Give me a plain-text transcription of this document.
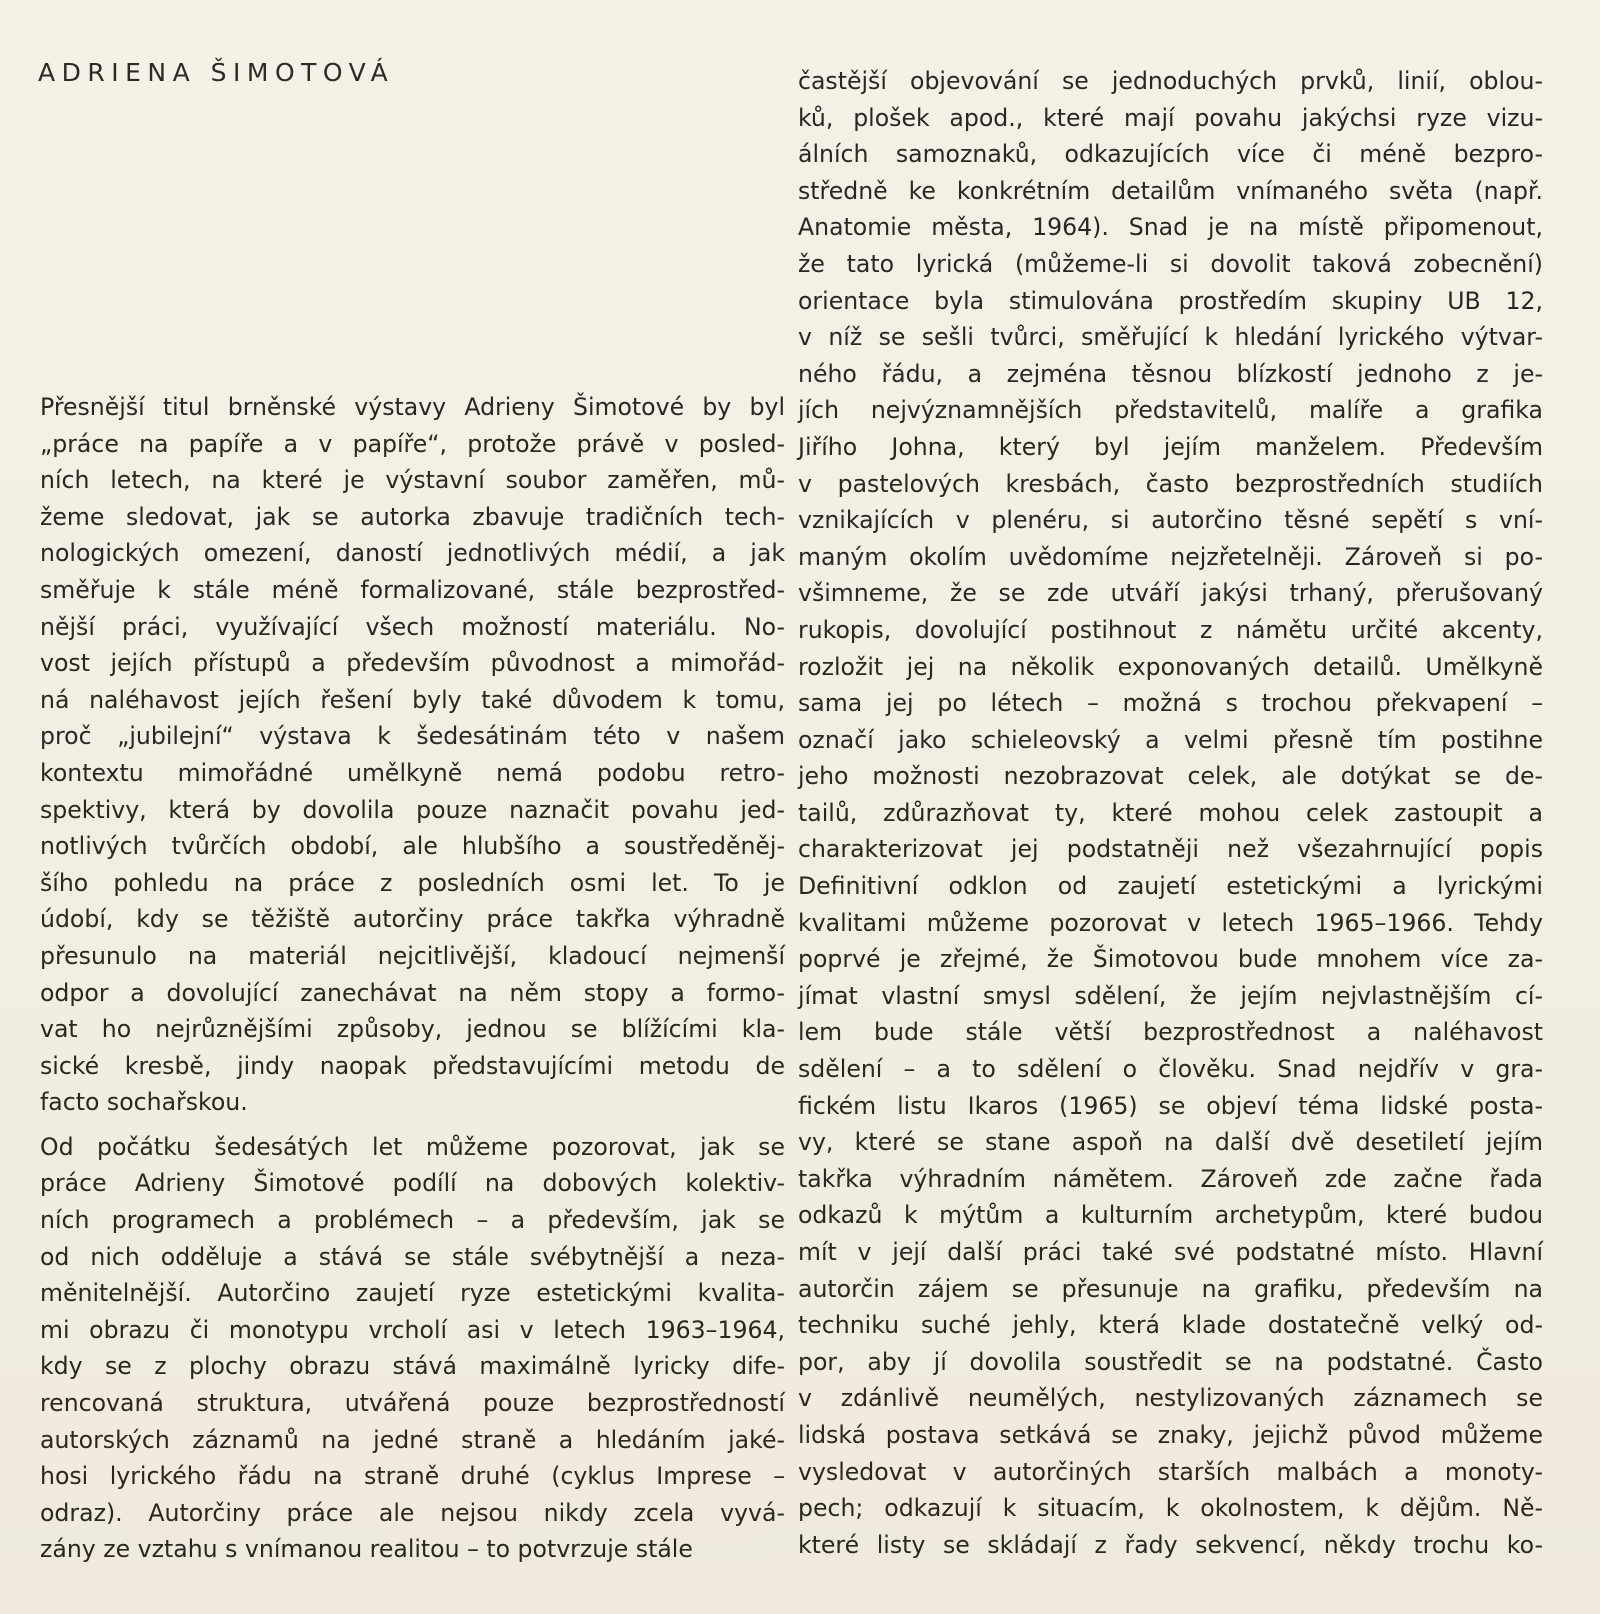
ADRIENA ŠIMOTOVÁ
Přesnější titul brněnské výstavy Adrieny Šimotové by byl
„práce na papíře a v papíře“, protože právě v posled-
ních letech, na které je výstavní soubor zaměřen, mů-
žeme sledovat, jak se autorka zbavuje tradičních tech-
nologických omezení, daností jednotlivých médií, a jak
směřuje k stále méně formalizované, stále bezprostřed-
nější práci, využívající všech možností materiálu. No-
vost jejích přístupů a především původnost a mimořád-
ná naléhavost jejích řešení byly také důvodem k tomu,
proč „jubilejní“ výstava k šedesátinám této v našem
kontextu mimořádné umělkyně nemá podobu retro-
spektivy, která by dovolila pouze naznačit povahu jed-
notlivých tvůrčích období, ale hlubšího a soustředěněj-
šího pohledu na práce z posledních osmi let. To je
údobí, kdy se těžiště autorčiny práce takřka výhradně
přesunulo na materiál nejcitlivější, kladoucí nejmenší
odpor a dovolující zanechávat na něm stopy a formo-
vat ho nejrůznějšími způsoby, jednou se blížícími kla-
sické kresbě, jindy naopak představujícími metodu de
facto sochařskou.
Od počátku šedesátých let můžeme pozorovat, jak se
práce Adrieny Šimotové podílí na dobových kolektiv-
ních programech a problémech – a především, jak se
od nich odděluje a stává se stále svébytnější a neza-
měnitelnější. Autorčino zaujetí ryze estetickými kvalita-
mi obrazu či monotypu vrcholí asi v letech 1963–1964,
kdy se z plochy obrazu stává maximálně lyricky dife-
rencovaná struktura, utvářená pouze bezprostředností
autorských záznamů na jedné straně a hledáním jaké-
hosi lyrického řádu na straně druhé (cyklus Imprese –
odraz). Autorčiny práce ale nejsou nikdy zcela vyvá-
zány ze vztahu s vnímanou realitou – to potvrzuje stále
častější objevování se jednoduchých prvků, linií, oblou-
ků, plošek apod., které mají povahu jakýchsi ryze vizu-
álních samoznaků, odkazujících více či méně bezpro-
středně ke konkrétním detailům vnímaného světa (např.
Anatomie města, 1964). Snad je na místě připomenout,
že tato lyrická (můžeme-li si dovolit taková zobecnění)
orientace byla stimulována prostředím skupiny UB 12,
v níž se sešli tvůrci, směřující k hledání lyrického výtvar-
ného řádu, a zejména těsnou blízkostí jednoho z je-
jích nejvýznamnějších představitelů, malíře a grafika
Jiřího Johna, který byl jejím manželem. Především
v pastelových kresbách, často bezprostředních studiích
vznikajících v plenéru, si autorčino těsné sepětí s vní-
maným okolím uvědomíme nejzřetelněji. Zároveň si po-
všimneme, že se zde utváří jakýsi trhaný, přerušovaný
rukopis, dovolující postihnout z námětu určité akcenty,
rozložit jej na několik exponovaných detailů. Umělkyně
sama jej po létech – možná s trochou překvapení –
označí jako schieleovský a velmi přesně tím postihne
jeho možnosti nezobrazovat celek, ale dotýkat se de-
tailů, zdůrazňovat ty, které mohou celek zastoupit a
charakterizovat jej podstatněji než všezahrnující popis
Definitivní odklon od zaujetí estetickými a lyrickými
kvalitami můžeme pozorovat v letech 1965–1966. Tehdy
poprvé je zřejmé, že Šimotovou bude mnohem více za-
jímat vlastní smysl sdělení, že jejím nejvlastnějším cí-
lem bude stále větší bezprostřednost a naléhavost
sdělení – a to sdělení o člověku. Snad nejdřív v gra-
fickém listu Ikaros (1965) se objeví téma lidské posta-
vy, které se stane aspoň na další dvě desetiletí jejím
takřka výhradním námětem. Zároveň zde začne řada
odkazů k mýtům a kulturním archetypům, které budou
mít v její další práci také své podstatné místo. Hlavní
autorčin zájem se přesunuje na grafiku, především na
techniku suché jehly, která klade dostatečně velký od-
por, aby jí dovolila soustředit se na podstatné. Často
v zdánlivě neumělých, nestylizovaných záznamech se
lidská postava setkává se znaky, jejichž původ můžeme
vysledovat v autorčiných starších malbách a monoty-
pech; odkazují k situacím, k okolnostem, k dějům. Ně-
které listy se skládají z řady sekvencí, někdy trochu ko-
